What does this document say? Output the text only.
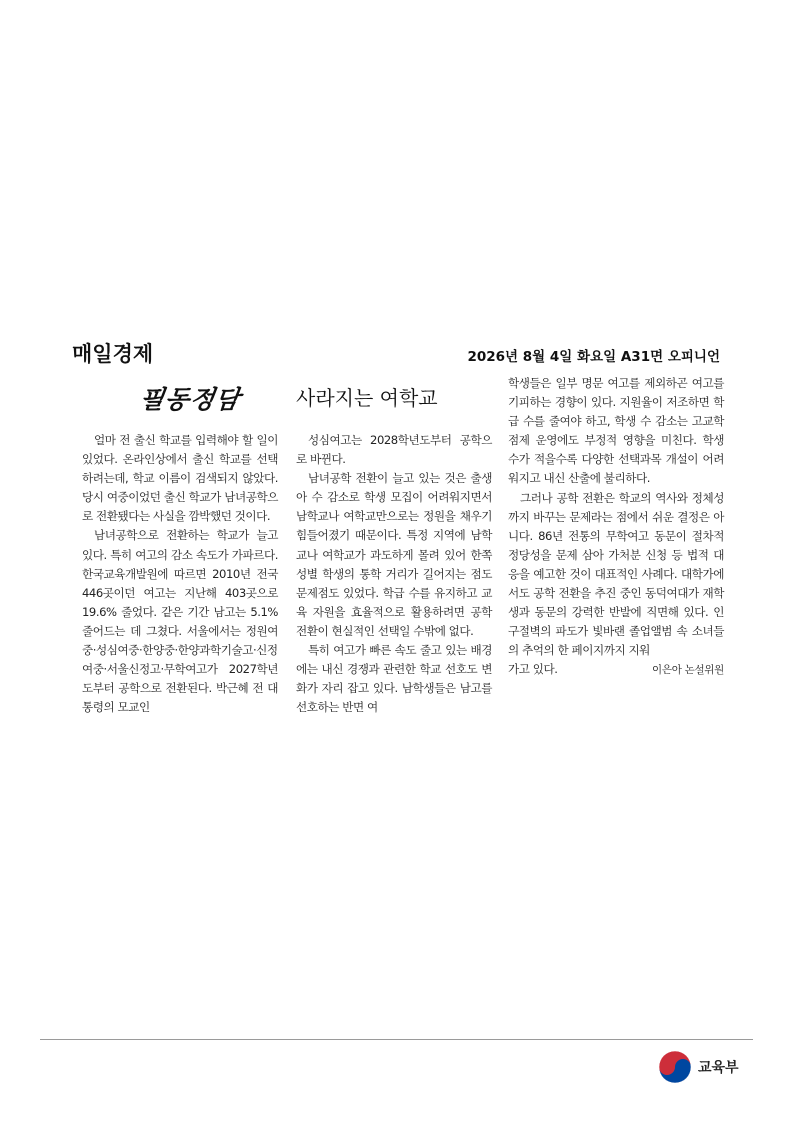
매일경제	2026년 8월 4일 화요일 A31면 오피니언
필동정담	사라지는 여학교

얼마 전 출신 학교를 입력해야 할 일이 있었다. 온라인상에서 출신 학교를 선택하려는데, 학교 이름이 검색되지 않았다. 당시 여중이었던 출신 학교가 남녀공학으로 전환됐다는 사실을 깜박했던 것이다.

남녀공학으로 전환하는 학교가 늘고 있다. 특히 여고의 감소 속도가 가파르다. 한국교육개발원에 따르면 2010년 전국 446곳이던 여고는 지난해 403곳으로 19.6% 줄었다. 같은 기간 남고는 5.1% 줄어드는 데 그쳤다. 서울에서는 정원여중·성심여중·한양중·한양과학기술고·신정여중·서울신정고·무학여고가 2027학년도부터 공학으로 전환된다. 박근혜 전 대통령의 모교인

성심여고는 2028학년도부터 공학으로 바뀐다.

남녀공학 전환이 늘고 있는 것은 출생아 수 감소로 학생 모집이 어려워지면서 남학교나 여학교만으로는 정원을 채우기 힘들어졌기 때문이다. 특정 지역에 남학교나 여학교가 과도하게 몰려 있어 한쪽 성별 학생의 통학 거리가 길어지는 점도 문제점도 있었다. 학급 수를 유지하고 교육 자원을 효율적으로 활용하려면 공학 전환이 현실적인 선택일 수밖에 없다.

특히 여고가 빠른 속도 줄고 있는 배경에는 내신 경쟁과 관련한 학교 선호도 변화가 자리 잡고 있다. 남학생들은 남고를 선호하는 반면 여

학생들은 일부 명문 여고를 제외하곤 여고를 기피하는 경향이 있다. 지원율이 저조하면 학급 수를 줄여야 하고, 학생 수 감소는 고교학점제 운영에도 부정적 영향을 미친다. 학생 수가 적을수록 다양한 선택과목 개설이 어려워지고 내신 산출에 불리하다.

그러나 공학 전환은 학교의 역사와 정체성까지 바꾸는 문제라는 점에서 쉬운 결정은 아니다. 86년 전통의 무학여고 동문이 절차적 정당성을 문제 삼아 가처분 신청 등 법적 대응을 예고한 것이 대표적인 사례다. 대학가에서도 공학 전환을 추진 중인 동덕여대가 재학생과 동문의 강력한 반발에 직면해 있다. 인구절벽의 파도가 빛바랜 졸업앨범 속 소녀들의 추억의 한 페이지까지 지워

가고 있다.	이은아 논설위원
교육부
